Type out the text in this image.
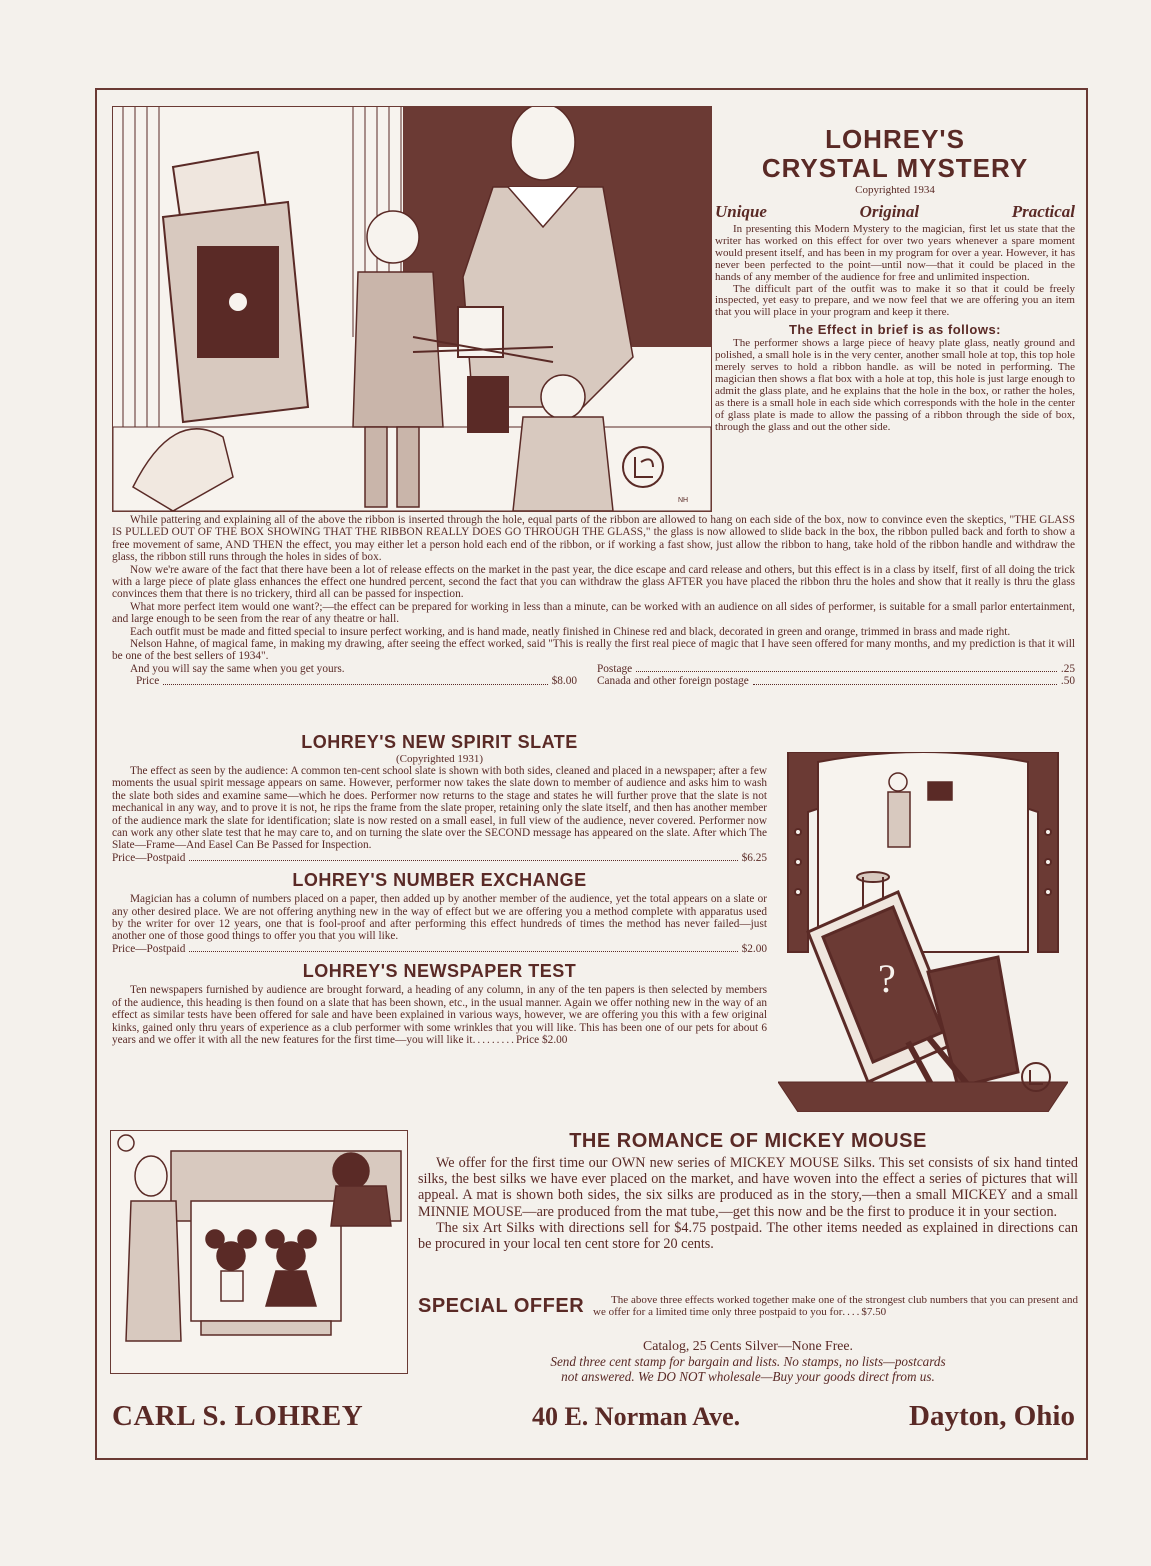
NH
LOHREY'S
CRYSTAL MYSTERY
Copyrighted 1934
Unique	Original	Practical

In presenting this Modern Mystery to the magician, first let us state that the writer has worked on this effect for over two years whenever a spare moment would present itself, and has been in my program for over a year. However, it has never been perfected to the point—until now—that it could be placed in the hands of any member of the audience for free and unlimited inspection.

The difficult part of the outfit was to make it so that it could be freely inspected, yet easy to prepare, and we now feel that we are offering you an item that you will place in your program and keep it there.

The Effect in brief is as follows:

The performer shows a large piece of heavy plate glass, neatly ground and polished, a small hole is in the very center, another small hole at top, this top hole merely serves to hold a ribbon handle. as will be noted in performing. The magician then shows a flat box with a hole at top, this hole is just large enough to admit the glass plate, and he explains that the hole in the box, or rather the holes, as there is a small hole in each side which corresponds with the hole in the center of glass plate is made to allow the passing of a ribbon through the side of box, through the glass and out the other side.

While pattering and explaining all of the above the ribbon is inserted through the hole, equal parts of the ribbon are allowed to hang on each side of the box, now to convince even the skeptics, "THE GLASS IS PULLED OUT OF THE BOX SHOWING THAT THE RIBBON REALLY DOES GO THROUGH THE GLASS," the glass is now allowed to slide back in the box, the ribbon pulled back and forth to show a free movement of same, AND THEN the effect, you may either let a person hold each end of the ribbon, or if working a fast show, just allow the ribbon to hang, take hold of the ribbon handle and withdraw the glass, the ribbon still runs through the holes in sides of box.

Now we're aware of the fact that there have been a lot of release effects on the market in the past year, the dice escape and card release and others, but this effect is in a class by itself, first of all doing the trick with a large piece of plate glass enhances the effect one hundred percent, second the fact that you can withdraw the glass AFTER you have placed the ribbon thru the holes and show that it really is thru the glass convinces them that there is no trickery, third all can be passed for inspection.

What more perfect item would one want?;—the effect can be prepared for working in less than a minute, can be worked with an audience on all sides of performer, is suitable for a small parlor entertainment, and large enough to be seen from the rear of any theatre or hall.

Each outfit must be made and fitted special to insure perfect working, and is hand made, neatly finished in Chinese red and black, decorated in green and orange, trimmed in brass and made right.

Nelson Hahne, of magical fame, in making my drawing, after seeing the effect worked, said "This is really the first real piece of magic that I have seen offered for many months, and my prediction is that it will be one of the best sellers of 1934".

And you will say the same when you get yours.

Price	$8.00
Postage	.25
Canada and other foreign postage	.50
LOHREY'S NEW SPIRIT SLATE
(Copyrighted 1931)

The effect as seen by the audience: A common ten-cent school slate is shown with both sides, cleaned and placed in a newspaper; after a few moments the usual spirit message appears on same. However, performer now takes the slate down to member of audience and asks him to wash the slate both sides and examine same—which he does. Performer now returns to the stage and states he will further prove that the slate is not mechanical in any way, and to prove it is not, he rips the frame from the slate proper, retaining only the slate itself, and then has another member of the audience mark the slate for identification; slate is now rested on a small easel, in full view of the audience, never covered. Performer now can work any other slate test that he may care to, and on turning the slate over the SECOND message has appeared on the slate. After which The Slate—Frame—And Easel Can Be Passed for Inspection.

Price—Postpaid	$6.25
LOHREY'S NUMBER EXCHANGE

Magician has a column of numbers placed on a paper, then added up by another member of the audience, yet the total appears on a slate or any other desired place. We are not offering anything new in the way of effect but we are offering you a method complete with apparatus used by the writer for over 12 years, one that is fool-proof and after performing this effect hundreds of times the method has never failed—just another one of those good things to offer you that you will like.

Price—Postpaid	$2.00
LOHREY'S NEWSPAPER TEST

Ten newspapers furnished by audience are brought forward, a heading of any column, in any of the ten papers is then selected by members of the audience, this heading is then found on a slate that has been shown, etc., in the usual manner. Again we offer nothing new in the way of an effect as similar tests have been offered for sale and have been explained in various ways, however, we are offering you this with a few original kinks, gained only thru years of experience as a club performer with some wrinkles that you will like. This has been one of our pets for about 6 years and we offer it with all the new features for the first time—you will like it.........Price $2.00

?
THE ROMANCE OF MICKEY MOUSE

We offer for the first time our OWN new series of MICKEY MOUSE Silks. This set consists of six hand tinted silks, the best silks we have ever placed on the market, and have woven into the effect a series of pictures that will appeal. A mat is shown both sides, the six silks are produced as in the story,—then a small MICKEY and a small MINNIE MOUSE—are produced from the mat tube,—get this now and be the first to produce it in your section.

The six Art Silks with directions sell for $4.75 postpaid. The other items needed as explained in directions can be procured in your local ten cent store for 20 cents.

SPECIAL OFFER	The above three effects worked together make one of the strongest club numbers that you can present and we offer for a limited time only three postpaid to you for....$7.50

Catalog, 25 Cents Silver—None Free.
Send three cent stamp for bargain and lists. No stamps, no lists—postcards
not answered. We DO NOT wholesale—Buy your goods direct from us.
CARL S. LOHREY	40 E. Norman Ave.	Dayton, Ohio
